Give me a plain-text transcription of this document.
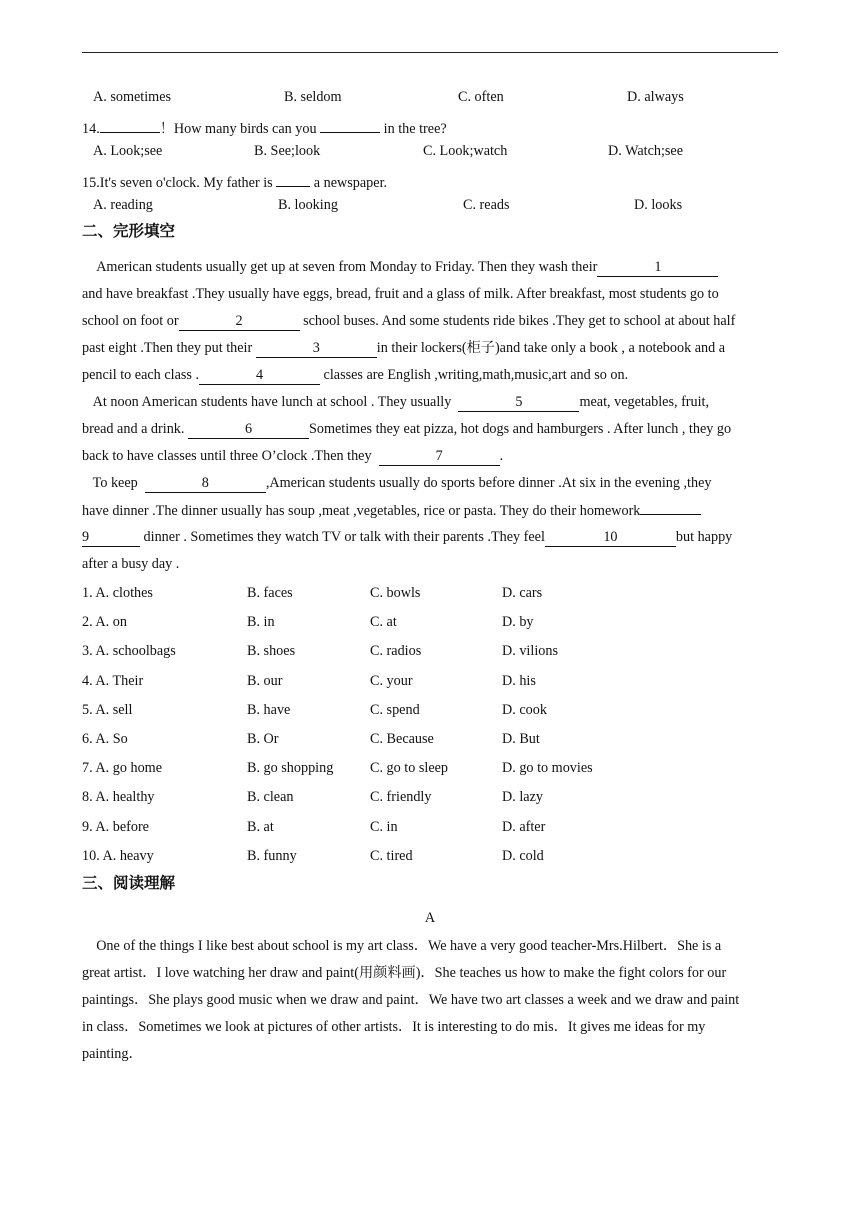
A. sometimes	B. seldom	C. often	D. always
14.	！How many birds can you	in the tree?
A. Look;see	B. See;look	C. Look;watch	D. Watch;see
15.It's seven o'clock. My father is	a newspaper.
A. reading	B. looking	C. reads	D. looks
二、完形填空
American students usually get up at seven from Monday to Friday. Then they wash their	1
and have breakfast .They usually have eggs, bread, fruit and a glass of milk. After breakfast, most students go to
school on foot or	2	school buses. And some students ride bikes .They get to school at about half
past eight .Then they put their	3	in their lockers(柜子)and take only a book , a notebook and a
pencil to each class .	4	classes are English ,writing,math,music,art and so on.
At noon American students have lunch at school . They usually	5	meat, vegetables, fruit,
bread and a drink.	6	Sometimes they eat pizza, hot dogs and hamburgers . After lunch , they go
back to have classes until three O’clock .Then they	7	.
To keep	8	,American students usually do sports before dinner .At six in the evening ,they
have dinner .The dinner usually has soup ,meat ,vegetables, rice or pasta. They do their homework
9	dinner . Sometimes they watch TV or talk with their parents .They feel	10	but happy
after a busy day .
1. A. clothes	B. faces	C. bowls	D. cars
2. A. on	B. in	C. at	D. by
3. A. schoolbags	B. shoes	C. radios	D. vilions
4. A. Their	B. our	C. your	D. his
5. A. sell	B. have	C. spend	D. cook
6. A. So	B. Or	C. Because	D. But
7. A. go home	B. go shopping	C. go to sleep	D. go to movies
8. A. healthy	B. clean	C. friendly	D. lazy
9. A. before	B. at	C. in	D. after
10. A. heavy	B. funny	C. tired	D. cold
三、阅读理解
A
One of the things I like best about school is my art class．We have a very good teacher-Mrs.Hilbert．She is a
great artist．I love watching her draw and paint(用颜料画)．She teaches us how to make the fight colors for our
paintings．She plays good music when we draw and paint．We have two art classes a week and we draw and paint
in class．Sometimes we look at pictures of other artists．It is interesting to do mis．It gives me ideas for my
painting．
